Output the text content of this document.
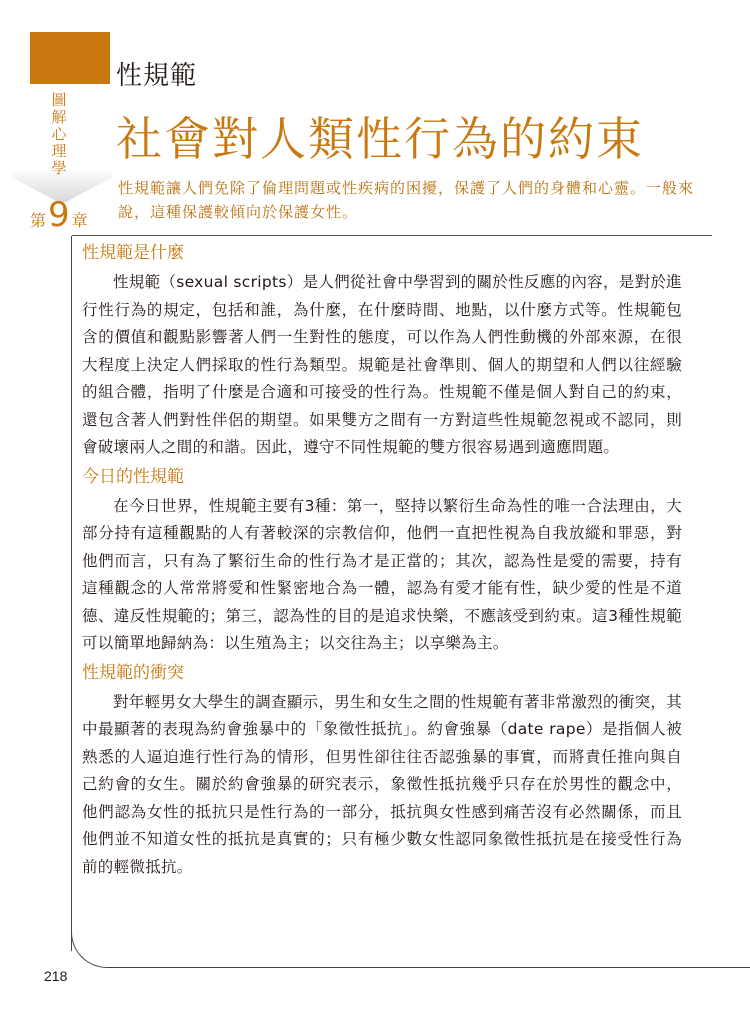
圖解心理學
第 9 章
性規範
社會對人類性行為的約束
性規範讓人們免除了倫理問題或性疾病的困擾，保護了人們的身體和心靈。一般來說，這種保護較傾向於保護女性。
性規範是什麼

性規範（sexual scripts）是人們從社會中學習到的關於性反應的內容，是對於進行性行為的規定，包括和誰，為什麼，在什麼時間、地點，以什麼方式等。性規範包含的價值和觀點影響著人們一生對性的態度，可以作為人們性動機的外部來源，在很大程度上決定人們採取的性行為類型。規範是社會準則、個人的期望和人們以往經驗的組合體，指明了什麼是合適和可接受的性行為。性規範不僅是個人對自己的約束，還包含著人們對性伴侶的期望。如果雙方之間有一方對這些性規範忽視或不認同，則會破壞兩人之間的和諧。因此，遵守不同性規範的雙方很容易遇到適應問題。

今日的性規範

在今日世界，性規範主要有3種：第一，堅持以繁衍生命為性的唯一合法理由，大部分持有這種觀點的人有著較深的宗教信仰，他們一直把性視為自我放縱和罪惡，對他們而言，只有為了繁衍生命的性行為才是正當的；其次，認為性是愛的需要，持有這種觀念的人常常將愛和性緊密地合為一體，認為有愛才能有性，缺少愛的性是不道德、違反性規範的；第三，認為性的目的是追求快樂，不應該受到約束。這3種性規範可以簡單地歸納為：以生殖為主；以交往為主；以享樂為主。

性規範的衝突

對年輕男女大學生的調查顯示，男生和女生之間的性規範有著非常激烈的衝突，其中最顯著的表現為約會強暴中的「象徵性抵抗」。約會強暴（date rape）是指個人被熟悉的人逼迫進行性行為的情形，但男性卻往往否認強暴的事實，而將責任推向與自己約會的女生。關於約會強暴的研究表示，象徵性抵抗幾乎只存在於男性的觀念中，他們認為女性的抵抗只是性行為的一部分，抵抗與女性感到痛苦沒有必然關係，而且他們並不知道女性的抵抗是真實的；只有極少數女性認同象徵性抵抗是在接受性行為前的輕微抵抗。

218
